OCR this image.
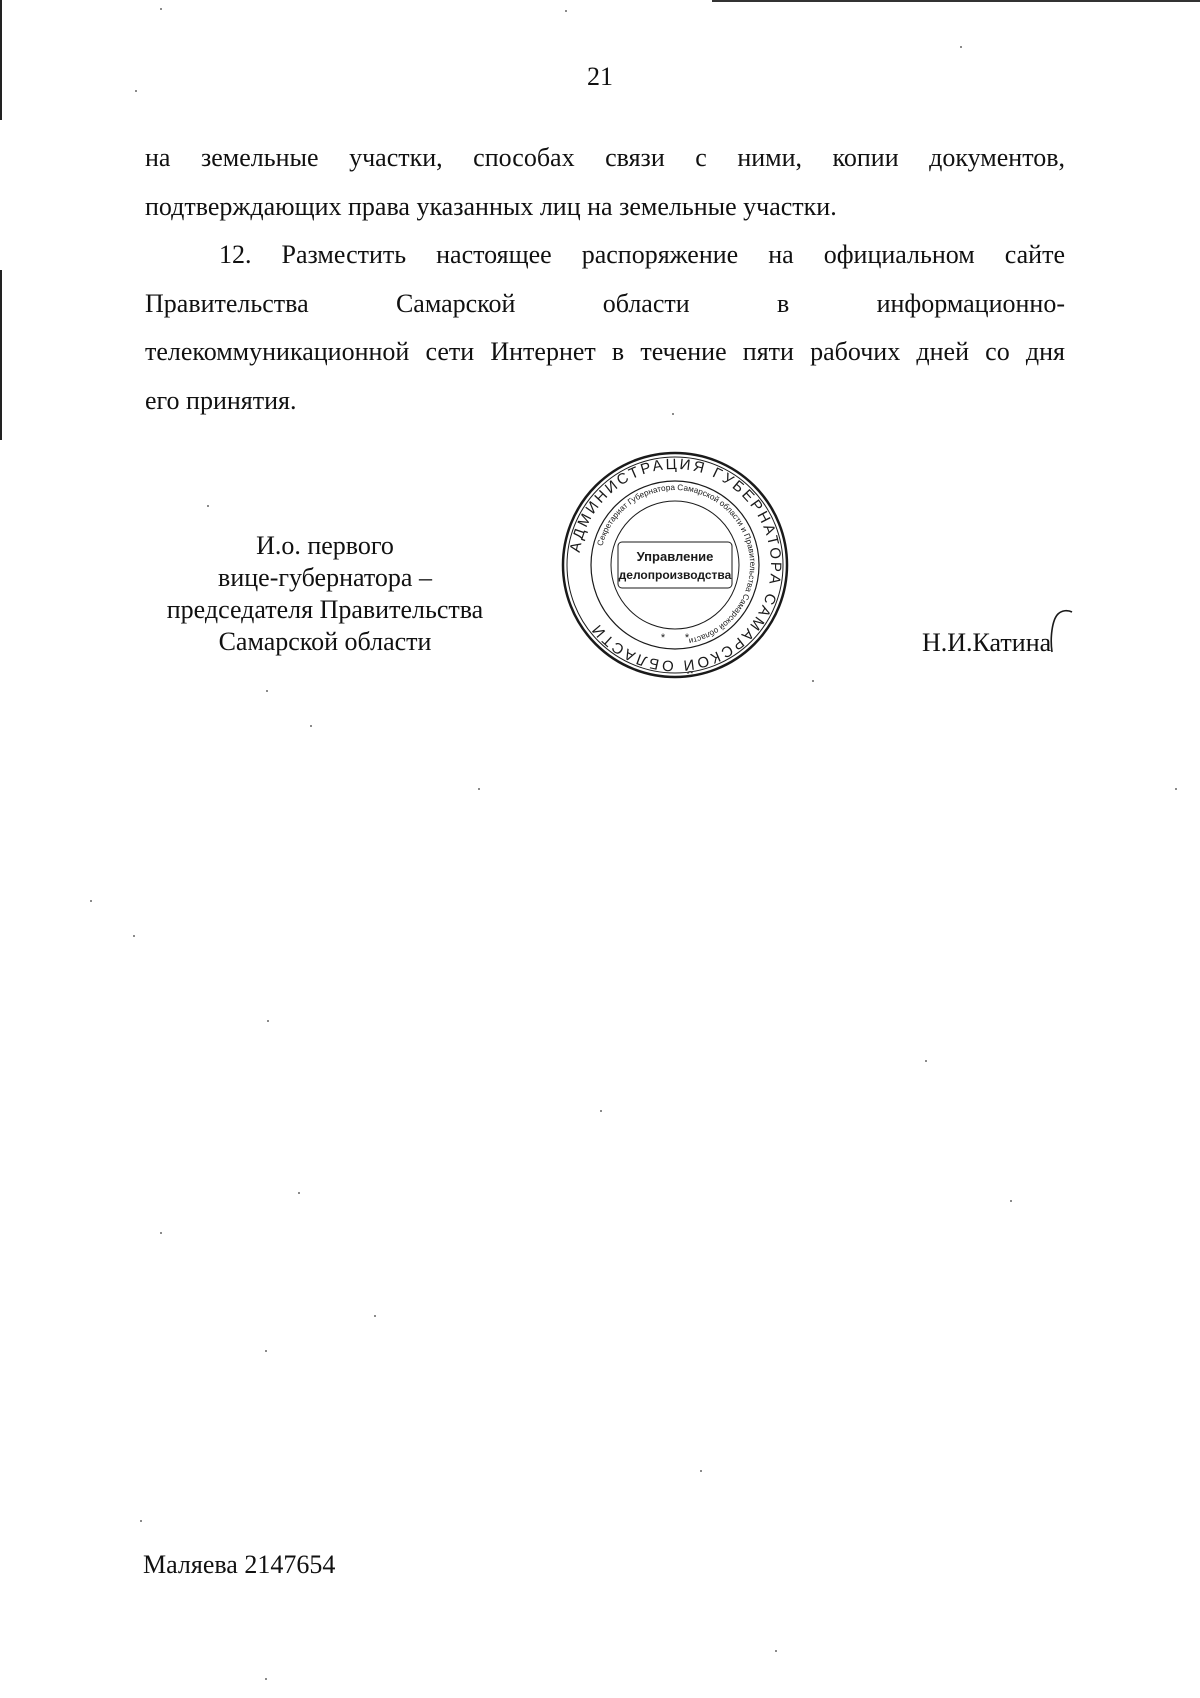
21
на земельные участки, способах связи с ними, копии документов,
подтверждающих права указанных лиц на земельные участки.
12. Разместить настоящее распоряжение на официальном сайте
Правительства Самарской области в информационно-
телекоммуникационной сети Интернет в течение пяти рабочих дней со дня
его принятия.
И.о. первого
вице-губернатора –
председателя Правительства
Самарской области
АДМИНИСТРАЦИЯ ГУБЕРНАТОРА САМАРСКОЙ ОБЛАСТИ
Секретариат Губернатора Самарской области и Правительства Самарской области
Управление
делопроизводства
* *	Н.И.Катина
Маляева 2147654
